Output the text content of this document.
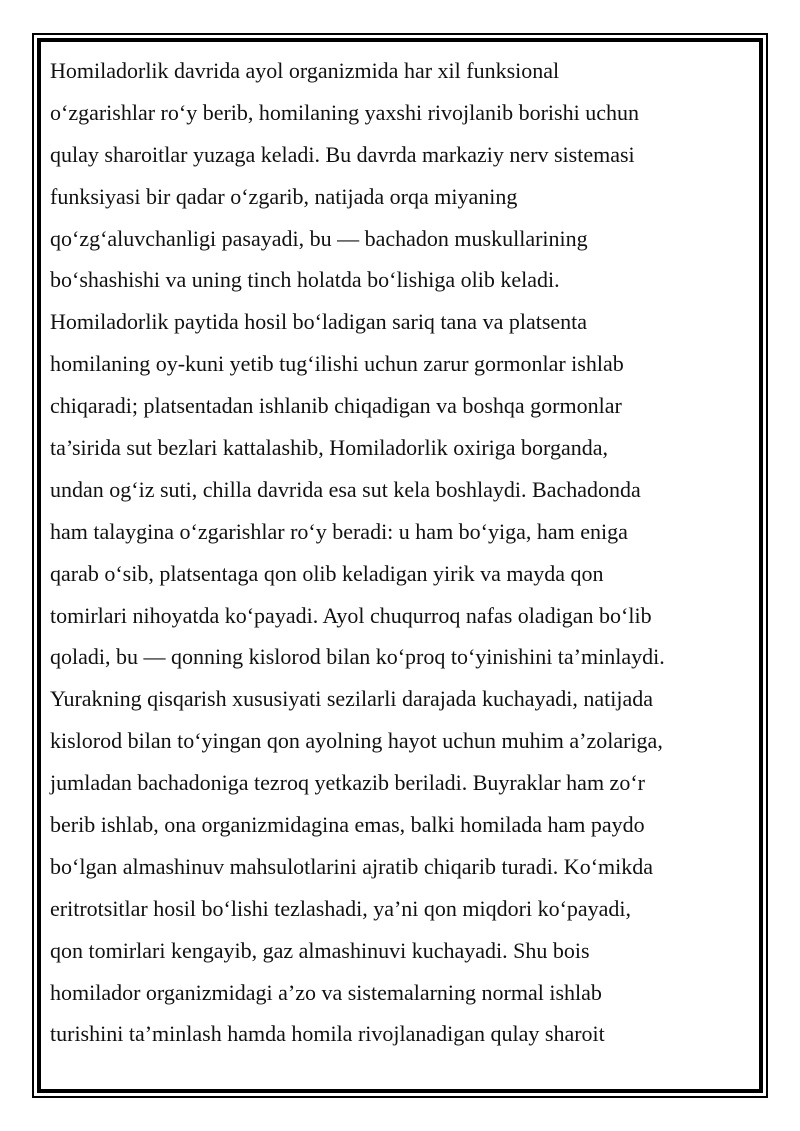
Homiladorlik davrida ayol organizmida har xil funksional
o‘zgarishlar ro‘y berib, homilaning yaxshi rivojlanib borishi uchun
qulay sharoitlar yuzaga keladi. Bu davrda markaziy nerv sistemasi
funksiyasi bir qadar o‘zgarib, natijada orqa miyaning
qo‘zg‘aluvchanligi pasayadi, bu — bachadon muskullarining
bo‘shashishi va uning tinch holatda bo‘lishiga olib keladi.
Homiladorlik paytida hosil bo‘ladigan sariq tana va platsenta
homilaning oy-kuni yetib tug‘ilishi uchun zarur gormonlar ishlab
chiqaradi; platsentadan ishlanib chiqadigan va boshqa gormonlar
ta’sirida sut bezlari kattalashib, Homiladorlik oxiriga borganda,
undan og‘iz suti, chilla davrida esa sut kela boshlaydi. Bachadonda
ham talaygina o‘zgarishlar ro‘y beradi: u ham bo‘yiga, ham eniga
qarab o‘sib, platsentaga qon olib keladigan yirik va mayda qon
tomirlari nihoyatda ko‘payadi. Ayol chuqurroq nafas oladigan bo‘lib
qoladi, bu — qonning kislorod bilan ko‘proq to‘yinishini ta’minlaydi.
Yurakning qisqarish xususiyati sezilarli darajada kuchayadi, natijada
kislorod bilan to‘yingan qon ayolning hayot uchun muhim a’zolariga,
jumladan bachadoniga tezroq yetkazib beriladi. Buyraklar ham zo‘r
berib ishlab, ona organizmidagina emas, balki homilada ham paydo
bo‘lgan almashinuv mahsulotlarini ajratib chiqarib turadi. Ko‘mikda
eritrotsitlar hosil bo‘lishi tezlashadi, ya’ni qon miqdori ko‘payadi,
qon tomirlari kengayib, gaz almashinuvi kuchayadi. Shu bois
homilador organizmidagi a’zo va sistemalarning normal ishlab
turishini ta’minlash hamda homila rivojlanadigan qulay sharoit
